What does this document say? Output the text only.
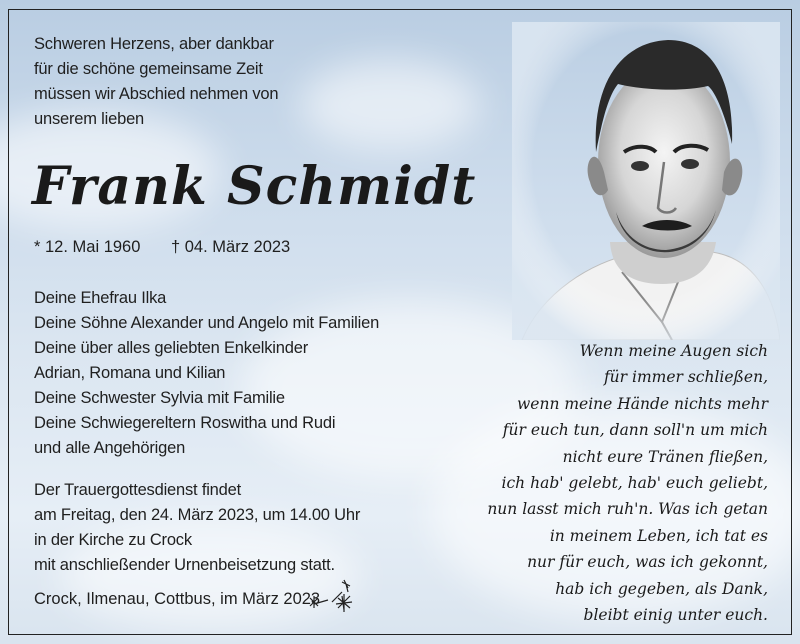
Schweren Herzens, aber dankbar
für die schöne gemeinsame Zeit
müssen wir Abschied nehmen von
unserem lieben
Frank Schmidt
* 12. Mai 1960 † 04. März 2023
Deine Ehefrau Ilka
Deine Söhne Alexander und Angelo mit Familien
Deine über alles geliebten Enkelkinder
Adrian, Romana und Kilian
Deine Schwester Sylvia mit Familie
Deine Schwiegereltern Roswitha und Rudi
und alle Angehörigen
Der Trauergottesdienst findet
am Freitag, den 24. März 2023, um 14.00 Uhr
in der Kirche zu Crock
mit anschließender Urnenbeisetzung statt.
Crock, Ilmenau, Cottbus, im März 2023
Wenn meine Augen sich
für immer schließen,
wenn meine Hände nichts mehr
für euch tun, dann soll'n um mich
nicht eure Tränen fließen,
ich hab' gelebt, hab' euch geliebt,
nun lasst mich ruh'n. Was ich getan
in meinem Leben, ich tat es
nur für euch, was ich gekonnt,
hab ich gegeben, als Dank,
bleibt einig unter euch.
